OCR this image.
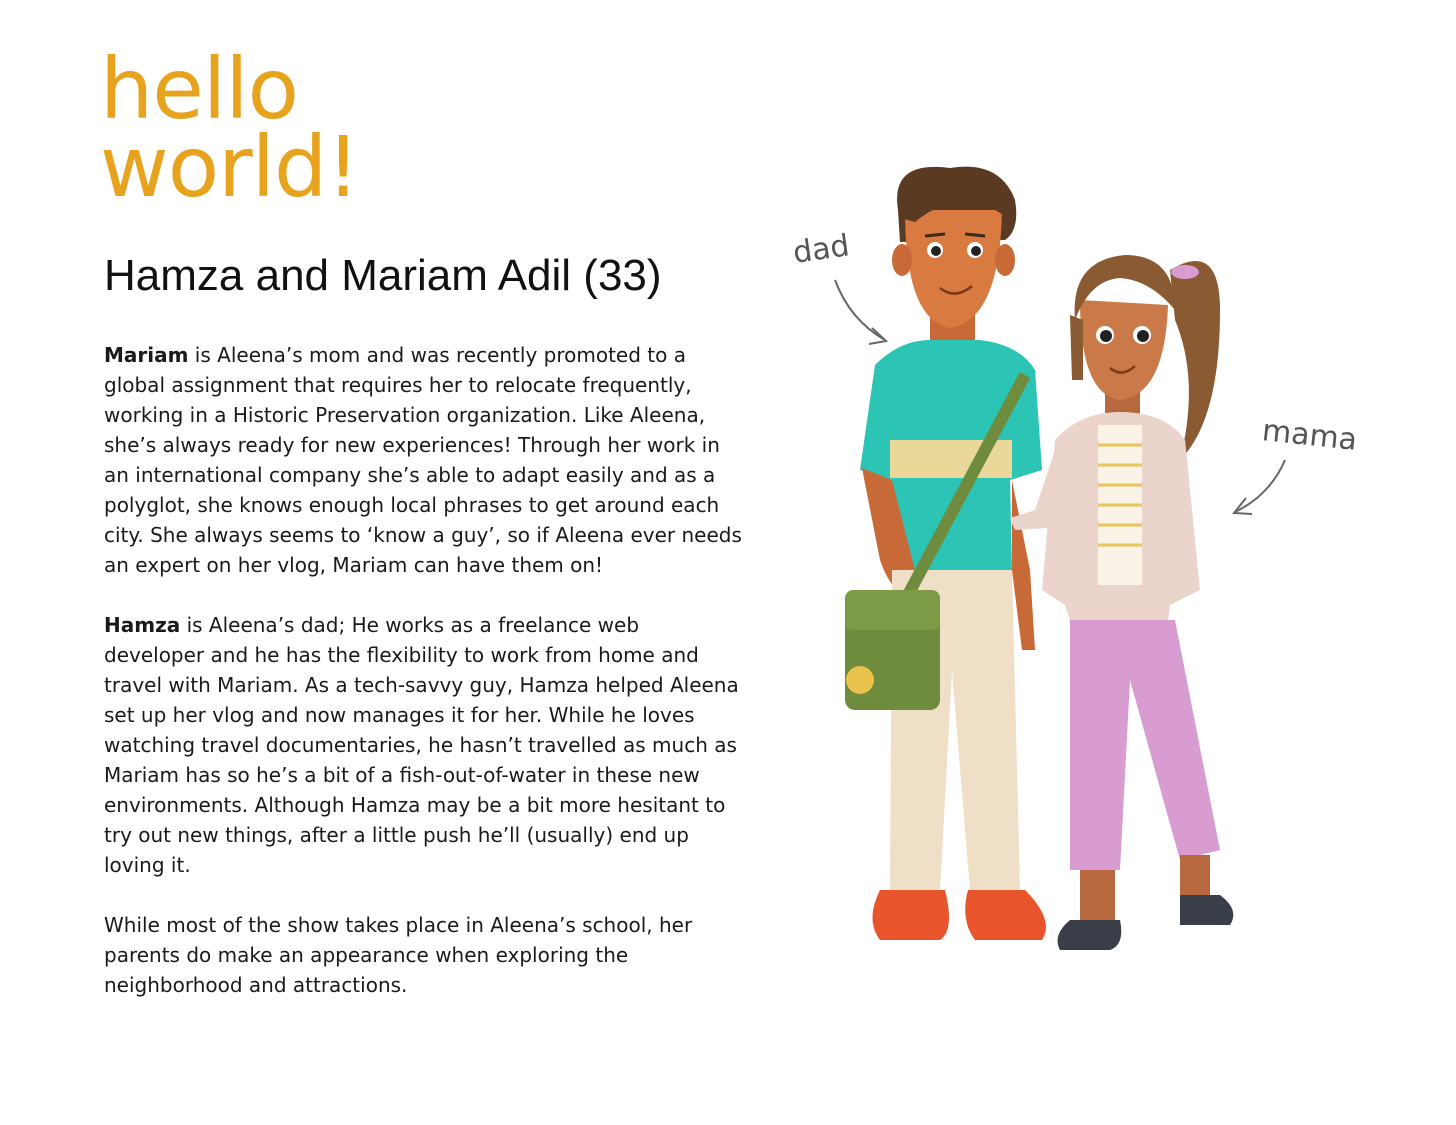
hello
world!
Hamza and Mariam Adil (33)

Mariam is Aleena’s mom and was recently promoted to a global assignment that requires her to relocate frequently, working in a Historic Preservation organization. Like Aleena, she’s always ready for new experiences! Through her work in an international company she’s able to adapt easily and as a polyglot, she knows enough local phrases to get around each city. She always seems to ‘know a guy’, so if Aleena ever needs an expert on her vlog, Mariam can have them on!

Hamza is Aleena’s dad; He works as a freelance web developer and he has the flexibility to work from home and travel with Mariam. As a tech-savvy guy, Hamza helped Aleena set up her vlog and now manages it for her. While he loves watching travel documentaries, he hasn’t travelled as much as Mariam has so he’s a bit of a fish-out-of-water in these new environments. Although Hamza may be a bit more hesitant to try out new things, after a little push he’ll (usually) end up loving it.

While most of the show takes place in Aleena’s school, her parents do make an appearance when exploring the neighborhood and attractions.

dad
mama
